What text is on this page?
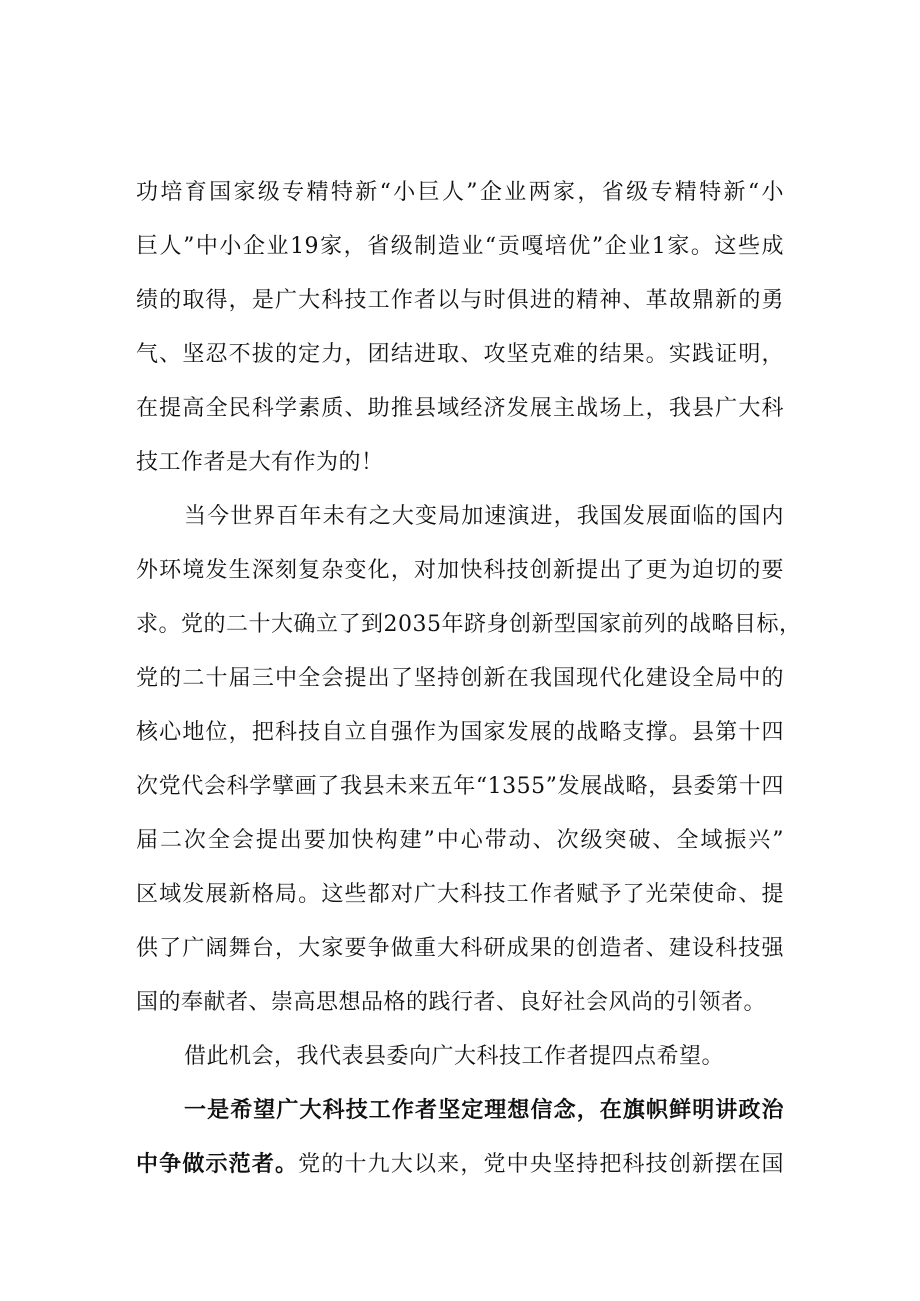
功培育国家级专精特新“小巨人”企业两家，省级专精特新“小
巨人”中小企业19家，省级制造业“贡嘎培优”企业1家。这些成
绩的取得，是广大科技工作者以与时俱进的精神、革故鼎新的勇
气、坚忍不拔的定力，团结进取、攻坚克难的结果。实践证明，
在提高全民科学素质、助推县域经济发展主战场上，我县广大科
技工作者是大有作为的！
当今世界百年未有之大变局加速演进，我国发展面临的国内
外环境发生深刻复杂变化，对加快科技创新提出了更为迫切的要
求。党的二十大确立了到2035年跻身创新型国家前列的战略目标，
党的二十届三中全会提出了坚持创新在我国现代化建设全局中的
核心地位，把科技自立自强作为国家发展的战略支撑。县第十四
次党代会科学擘画了我县未来五年“1355”发展战略，县委第十四
届二次全会提出要加快构建”中心带动、次级突破、全域振兴”
区域发展新格局。这些都对广大科技工作者赋予了光荣使命、提
供了广阔舞台，大家要争做重大科研成果的创造者、建设科技强
国的奉献者、崇高思想品格的践行者、良好社会风尚的引领者。
借此机会，我代表县委向广大科技工作者提四点希望。
一是希望广大科技工作者坚定理想信念，在旗帜鲜明讲政治
中争做示范者。党的十九大以来，党中央坚持把科技创新摆在国
